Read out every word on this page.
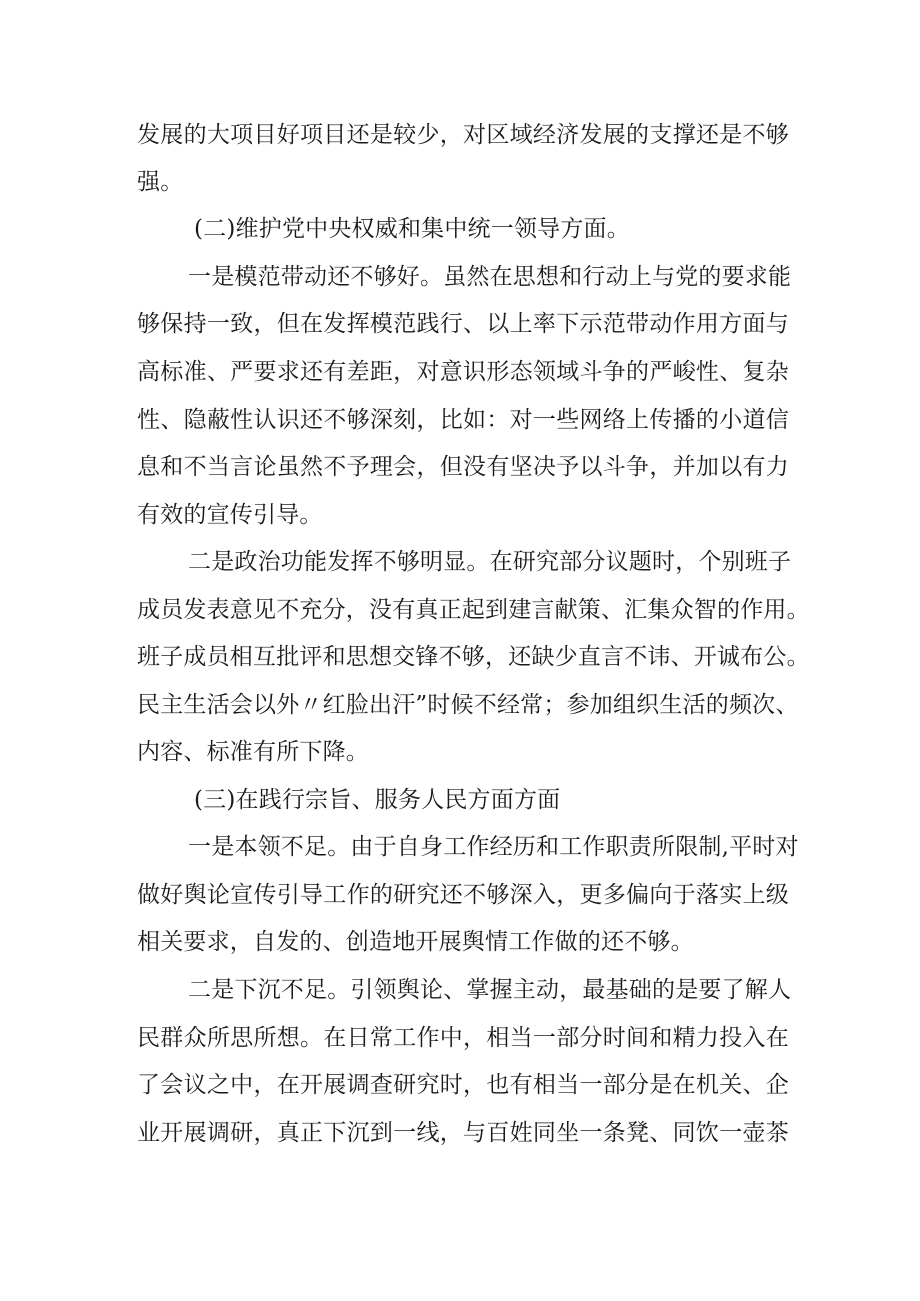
发展的大项目好项目还是较少，对区域经济发展的支撑还是不够

强。

(二)维护党中央权威和集中统一领导方面。

一是模范带动还不够好。虽然在思想和行动上与党的要求能

够保持一致，但在发挥模范践行、以上率下示范带动作用方面与

高标准、严要求还有差距，对意识形态领域斗争的严峻性、复杂

性、隐蔽性认识还不够深刻，比如：对一些网络上传播的小道信

息和不当言论虽然不予理会，但没有坚决予以斗争，并加以有力

有效的宣传引导。

二是政治功能发挥不够明显。在研究部分议题时，个别班子

成员发表意见不充分，没有真正起到建言献策、汇集众智的作用。

班子成员相互批评和思想交锋不够，还缺少直言不讳、开诚布公。

民主生活会以外〃红脸出汗”时候不经常；参加组织生活的频次、

内容、标准有所下降。

(三)在践行宗旨、服务人民方面方面

一是本领不足。由于自身工作经历和工作职责所限制,平时对

做好舆论宣传引导工作的研究还不够深入，更多偏向于落实上级

相关要求，自发的、创造地开展舆情工作做的还不够。

二是下沉不足。引领舆论、掌握主动，最基础的是要了解人

民群众所思所想。在日常工作中，相当一部分时间和精力投入在

了会议之中，在开展调查研究时，也有相当一部分是在机关、企

业开展调研，真正下沉到一线，与百姓同坐一条凳、同饮一壶茶
